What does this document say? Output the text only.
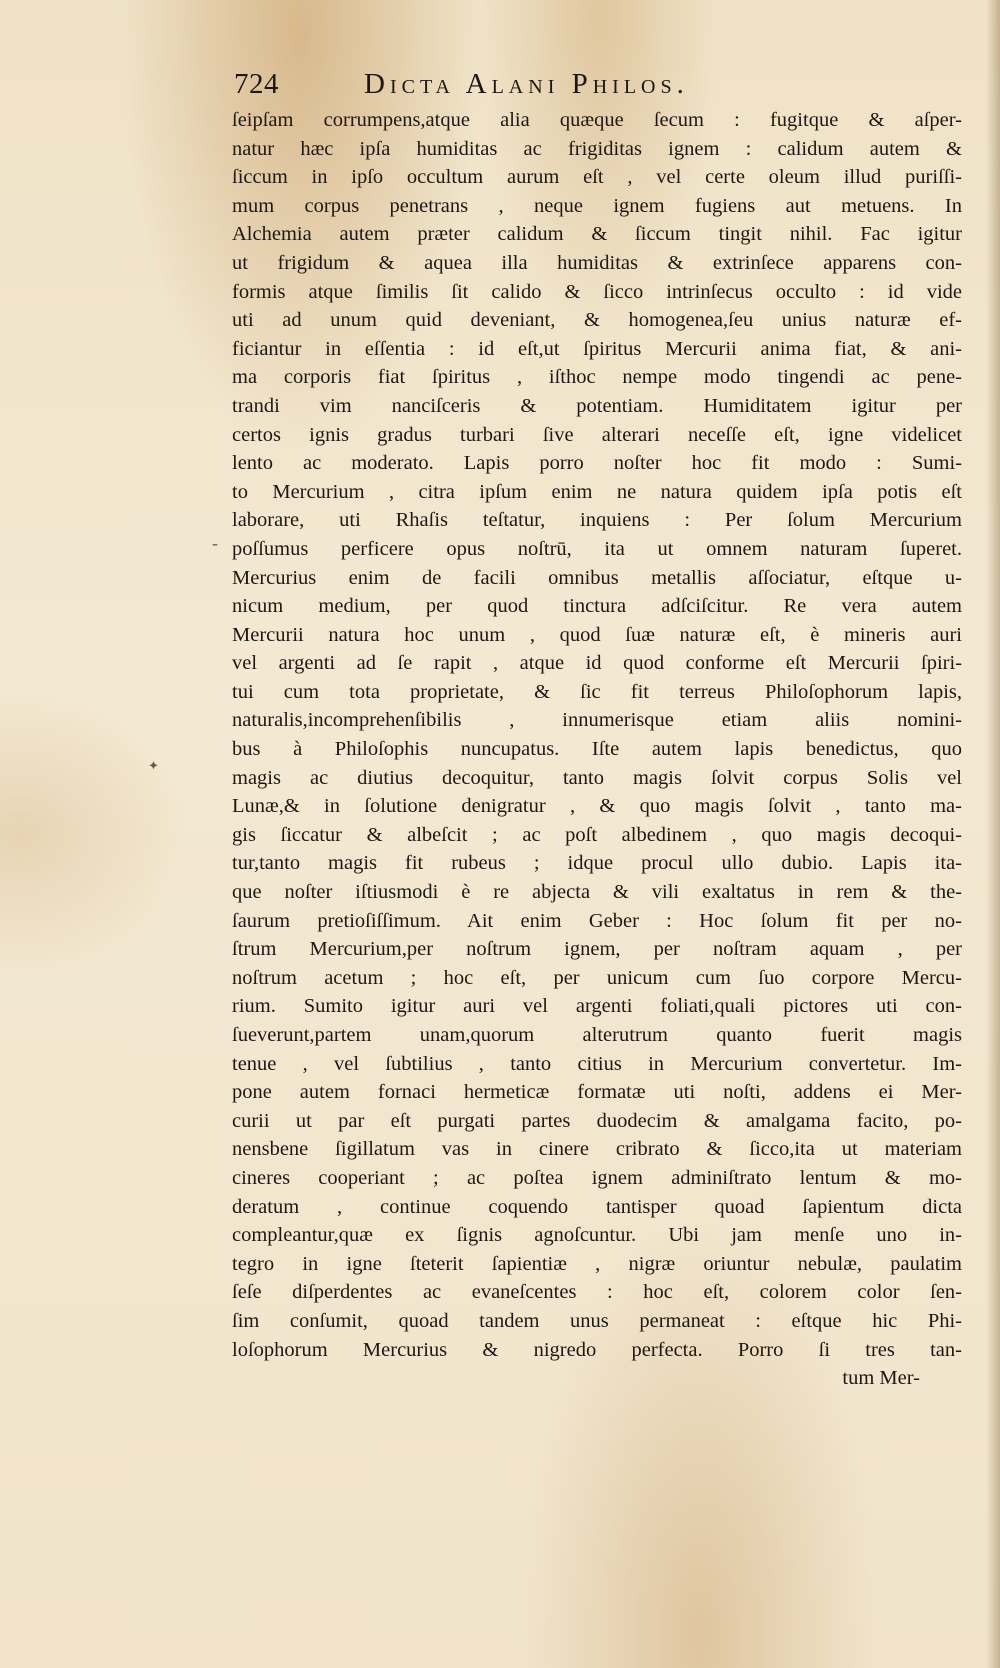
724	Dicta Alani Philos.
-
✦
ſeipſam corrumpens,atque alia quæque ſecum : fugitque & aſper-
natur hæc ipſa humiditas ac frigiditas ignem : calidum autem &
ſiccum in ipſo occultum aurum eſt , vel certe oleum illud puriſſi-
mum corpus penetrans , neque ignem fugiens aut metuens. In
Alchemia autem præter calidum & ſiccum tingit nihil. Fac igitur
ut frigidum & aquea illa humiditas & extrinſece apparens con-
formis atque ſimilis ſit calido & ſicco intrinſecus occulto : id vide
uti ad unum quid deveniant, & homogenea,ſeu unius naturæ ef-
ficiantur in eſſentia : id eſt,ut ſpiritus Mercurii anima fiat, & ani-
ma corporis fiat ſpiritus , iſthoc nempe modo tingendi ac pene-
trandi vim nanciſceris & potentiam. Humiditatem igitur per
certos ignis gradus turbari ſive alterari neceſſe eſt, igne videlicet
lento ac moderato. Lapis porro noſter hoc fit modo : Sumi-
to Mercurium , citra ipſum enim ne natura quidem ipſa potis eſt
laborare, uti Rhaſis teſtatur, inquiens : Per ſolum Mercurium
poſſumus perficere opus noſtrū, ita ut omnem naturam ſuperet.
Mercurius enim de facili omnibus metallis aſſociatur, eſtque u-
nicum medium, per quod tinctura adſciſcitur. Re vera autem
Mercurii natura hoc unum , quod ſuæ naturæ eſt, è mineris auri
vel argenti ad ſe rapit , atque id quod conforme eſt Mercurii ſpiri-
tui cum tota proprietate, & ſic fit terreus Philoſophorum lapis,
naturalis,incomprehenſibilis , innumerisque etiam aliis nomini-
bus à Philoſophis nuncupatus. Iſte autem lapis benedictus, quo
magis ac diutius decoquitur, tanto magis ſolvit corpus Solis vel
Lunæ,& in ſolutione denigratur , & quo magis ſolvit , tanto ma-
gis ſiccatur & albeſcit ; ac poſt albedinem , quo magis decoqui-
tur,tanto magis fit rubeus ; idque procul ullo dubio. Lapis ita-
que noſter iſtiusmodi è re abjecta & vili exaltatus in rem & the-
ſaurum pretioſiſſimum. Ait enim Geber : Hoc ſolum fit per no-
ſtrum Mercurium,per noſtrum ignem, per noſtram aquam , per
noſtrum acetum ; hoc eſt, per unicum cum ſuo corpore Mercu-
rium. Sumito igitur auri vel argenti foliati,quali pictores uti con-
ſueverunt,partem unam,quorum alterutrum quanto fuerit magis
tenue , vel ſubtilius , tanto citius in Mercurium convertetur. Im-
pone autem fornaci hermeticæ formatæ uti noſti, addens ei Mer-
curii ut par eſt purgati partes duodecim & amalgama facito, po-
nensbene ſigillatum vas in cinere cribrato & ſicco,ita ut materiam
cineres cooperiant ; ac poſtea ignem adminiſtrato lentum & mo-
deratum , continue coquendo tantisper quoad ſapientum dicta
compleantur,quæ ex ſignis agnoſcuntur. Ubi jam menſe uno in-
tegro in igne ſteterit ſapientiæ , nigræ oriuntur nebulæ, paulatim
ſeſe diſperdentes ac evaneſcentes : hoc eſt, colorem color ſen-
ſim conſumit, quoad tandem unus permaneat : eſtque hic Phi-
loſophorum Mercurius & nigredo perfecta. Porro ſi tres tan-
tum Mer-
